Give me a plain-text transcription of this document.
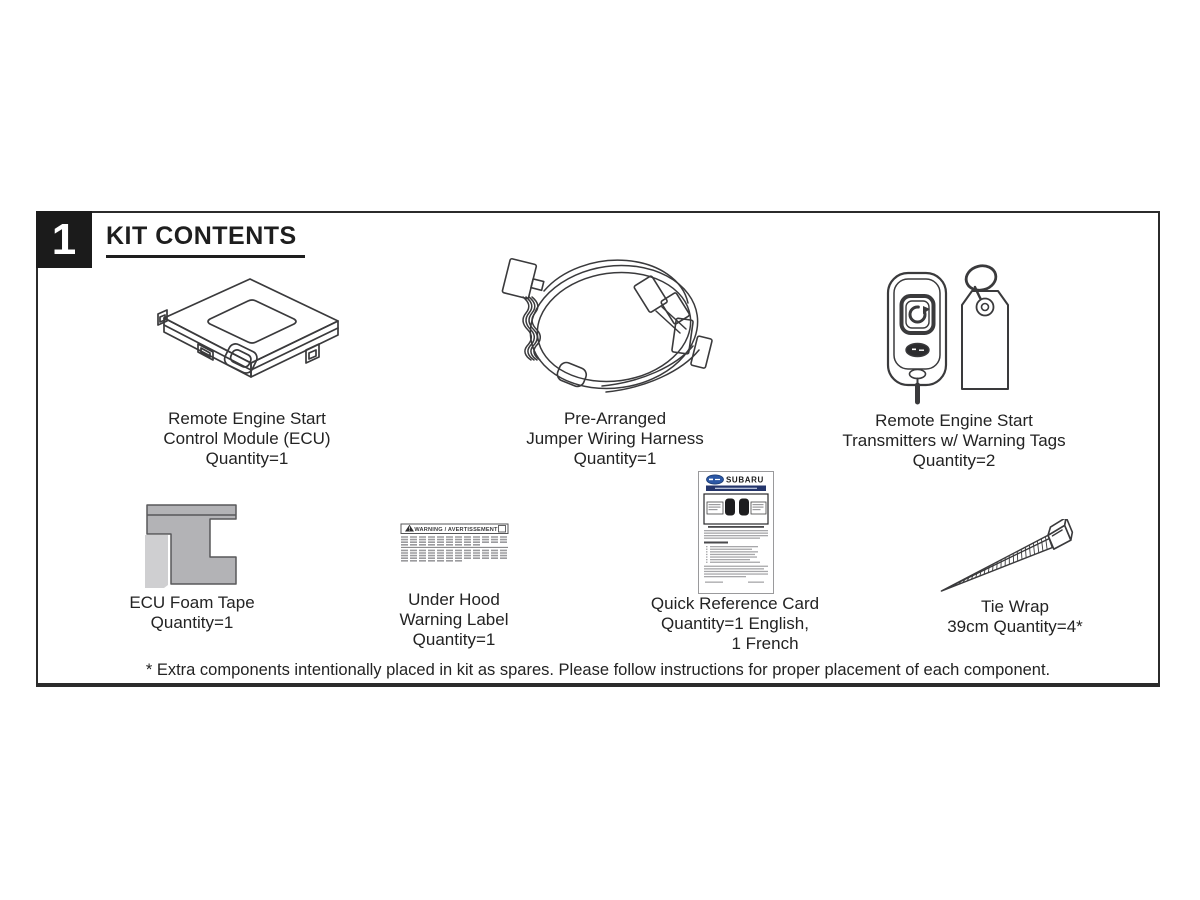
1 KIT CONTENTS
Remote Engine Start
Control Module (ECU)
Quantity=1
Pre-Arranged
Jumper Wiring Harness
Quantity=1
Remote Engine Start
Transmitters w/ Warning Tags
Quantity=2
ECU Foam Tape
Quantity=1
! WARNING / AVERTISSEMENT
Under Hood
Warning Label
Quantity=1
SUBARU
Quick Reference Card
Quantity=1 English,
1 French
Tie Wrap
39cm Quantity=4*

* Extra components intentionally placed in kit as spares. Please follow instructions for proper placement of each component.
